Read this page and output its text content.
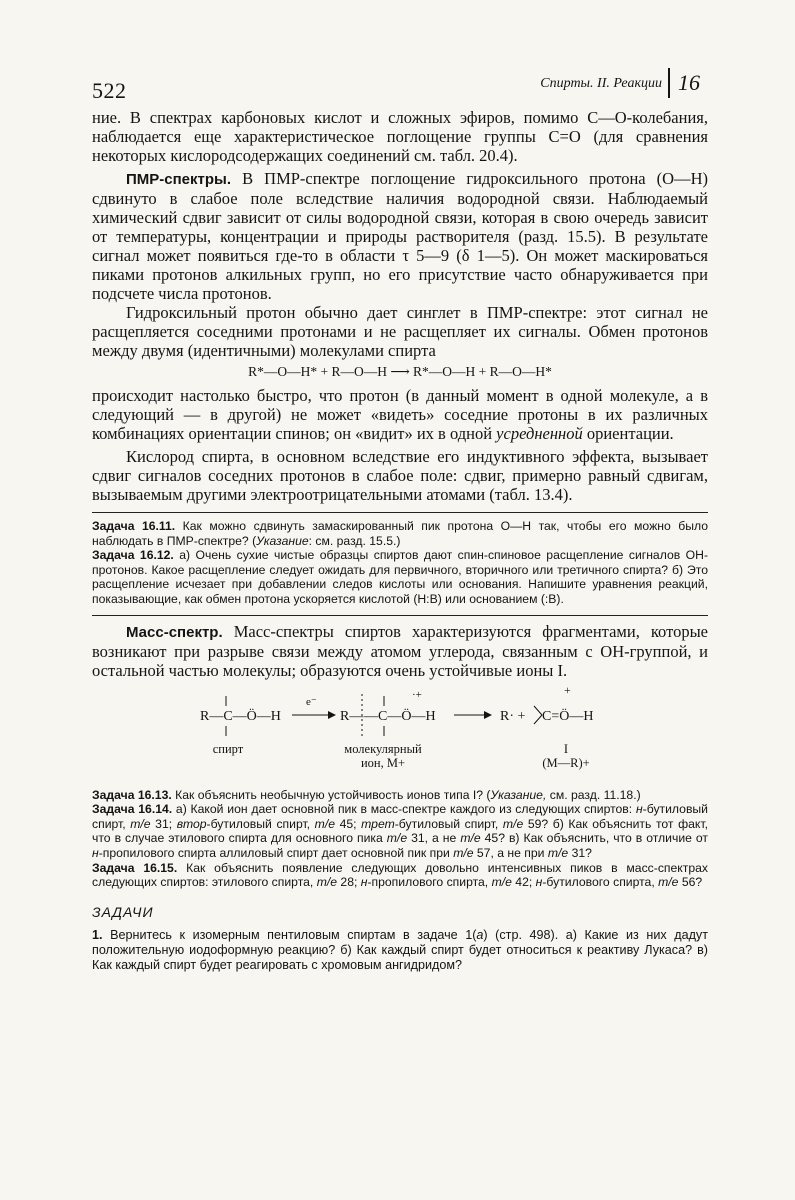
522	Спирты. II. Реакции 16

ние. В спектрах карбоновых кислот и сложных эфиров, помимо С—О-колебания, наблюдается еще характеристическое поглощение группы С=О (для сравнения некоторых кислородсодержащих соединений см. табл. 20.4).

ПМР-спектры. В ПМР-спектре поглощение гидроксильного протона (О—Н) сдвинуто в слабое поле вследствие наличия водородной связи. Наблюдаемый химический сдвиг зависит от силы водородной связи, которая в свою очередь зависит от температуры, концентрации и природы растворителя (разд. 15.5). В результате сигнал может появиться где-то в области τ 5—9 (δ 1—5). Он может маскироваться пиками протонов алкильных групп, но его присутствие часто обнаруживается при подсчете числа протонов.

Гидроксильный протон обычно дает синглет в ПМР-спектре: этот сигнал не расщепляется соседними протонами и не расщепляет их сигналы. Обмен протонов между двумя (идентичными) молекулами спирта

R*—O—H* + R—O—H ⟶ R*—O—H + R—O—H*

происходит настолько быстро, что протон (в данный момент в одной молекуле, а в следующий — в другой) не может «видеть» соседние протоны в их различных комбинациях ориентации спинов; он «видит» их в одной усредненной ориентации.

Кислород спирта, в основном вследствие его индуктивного эффекта, вызывает сдвиг сигналов соседних протонов в слабое поле: сдвиг, примерно равный сдвигам, вызываемым другими электроотрицательными атомами (табл. 13.4).

Задача 16.11. Как можно сдвинуть замаскированный пик протона О—Н так, чтобы его можно было наблюдать в ПМР-спектре? (Указание: см. разд. 15.5.)

Задача 16.12. а) Очень сухие чистые образцы спиртов дают спин-спиновое расщепление сигналов ОН-протонов. Какое расщепление следует ожидать для первичного, вторичного или третичного спирта? б) Это расщепление исчезает при добавлении следов кислоты или основания. Напишите уравнения реакций, показывающие, как обмен протона ускоряется кислотой (Н:В) или основанием (:В).

Масс-спектр. Масс-спектры спиртов характеризуются фрагментами, которые возникают при разрыве связи между атомом углерода, связанным с ОН-группой, и остальной частью молекулы; образуются очень устойчивые ионы I.

R—C—Ö—H
e⁻
R— —C—Ö—H
·+
R· + C=Ö—H
+
спирт	молекулярный
ион, M+
I
(M—R)+

Задача 16.13. Как объяснить необычную устойчивость ионов типа I? (Указание, см. разд. 11.18.)

Задача 16.14. а) Какой ион дает основной пик в масс-спектре каждого из следующих спиртов: н-бутиловый спирт, m/e 31; втор-бутиловый спирт, m/e 45; трет-бутиловый спирт, m/e 59? б) Как объяснить тот факт, что в случае этилового спирта для основного пика m/e 31, а не m/e 45? в) Как объяснить, что в отличие от н-пропилового спирта аллиловый спирт дает основной пик при m/e 57, а не при m/e 31?

Задача 16.15. Как объяснить появление следующих довольно интенсивных пиков в масс-спектрах следующих спиртов: этилового спирта, m/e 28; н-пропилового спирта, m/e 42; н-бутилового спирта, m/e 56?

ЗАДАЧИ

1. Вернитесь к изомерным пентиловым спиртам в задаче 1(а) (стр. 498). а) Какие из них дадут положительную иодоформную реакцию? б) Как каждый спирт будет относиться к реактиву Лукаса? в) Как каждый спирт будет реагировать с хромовым ангидридом?
